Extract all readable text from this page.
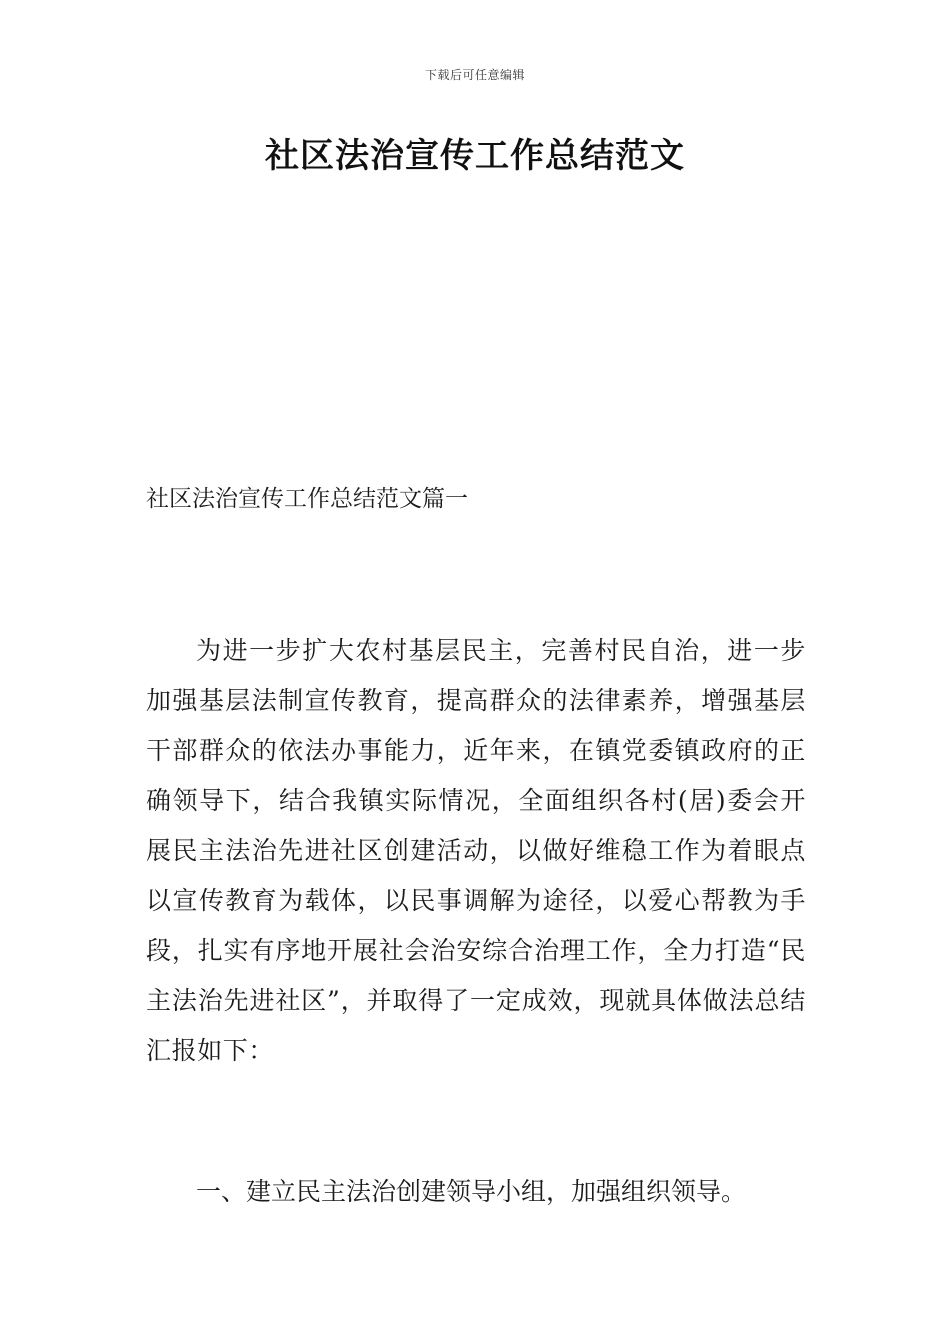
下载后可任意编辑
社区法治宣传工作总结范文

社区法治宣传工作总结范文篇一

为进一步扩大农村基层民主，完善村民自治，进一步加强基层法制宣传教育，提高群众的法律素养，增强基层干部群众的依法办事能力，近年来，在镇党委镇政府的正确领导下，结合我镇实际情况，全面组织各村(居)委会开展民主法治先进社区创建活动，以做好维稳工作为着眼点以宣传教育为载体，以民事调解为途径，以爱心帮教为手段，扎实有序地开展社会治安综合治理工作，全力打造“民主法治先进社区”，并取得了一定成效，现就具体做法总结汇报如下：

一、建立民主法治创建领导小组，加强组织领导。
